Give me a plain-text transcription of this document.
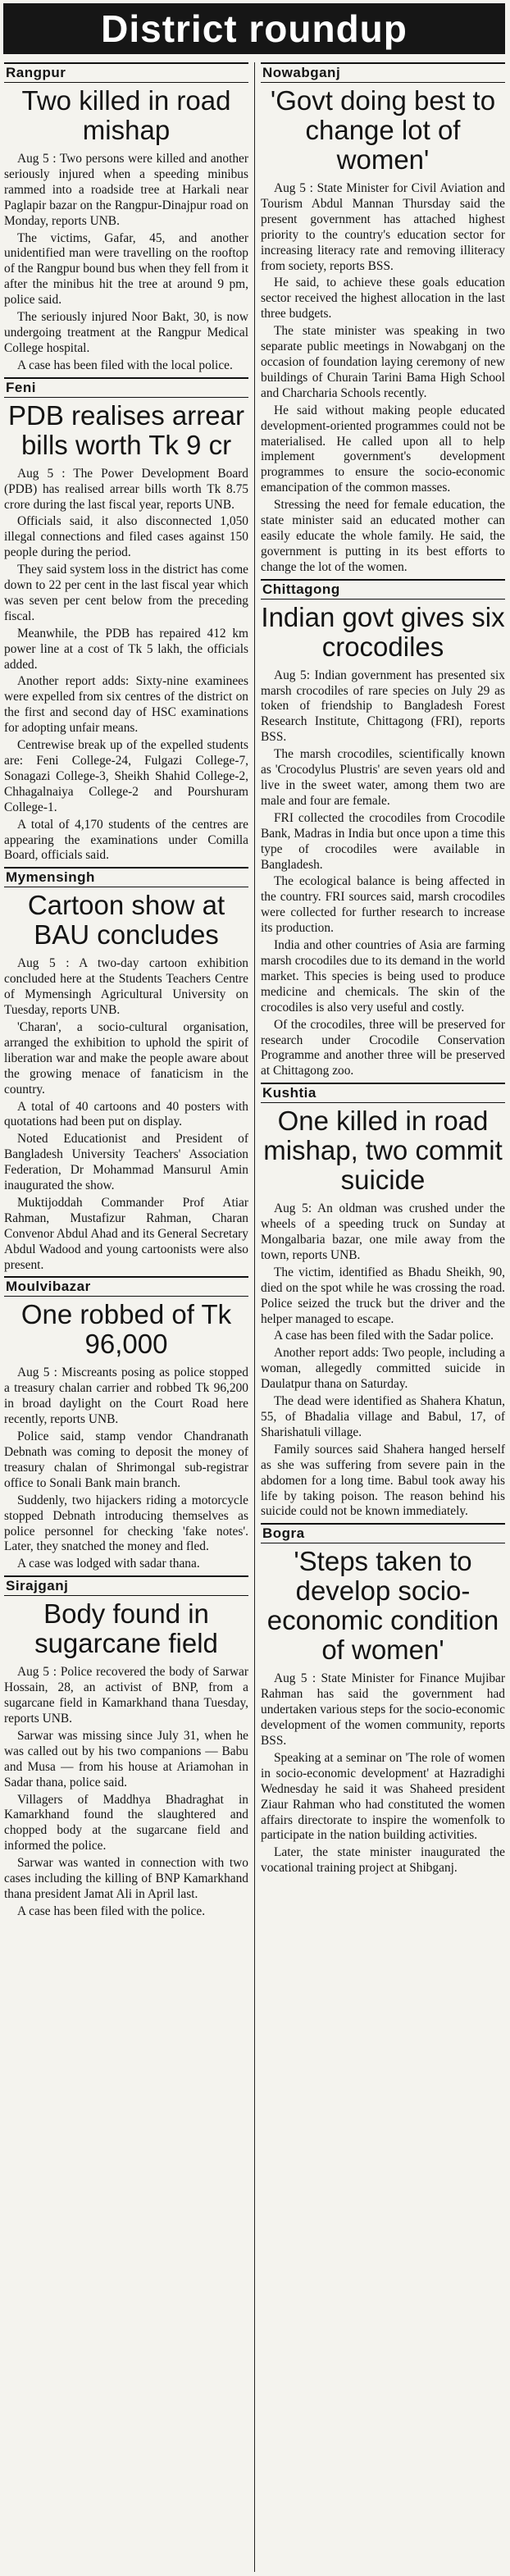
District roundup
Rangpur
Two killed in road mishap

Aug 5 : Two persons were killed and another seriously injured when a speeding minibus rammed into a roadside tree at Harkali near Paglapir bazar on the Rangpur-Dinajpur road on Monday, reports UNB.

The victims, Gafar, 45, and another unidentified man were travelling on the rooftop of the Rangpur bound bus when they fell from it after the minibus hit the tree at around 9 pm, police said.

The seriously injured Noor Bakt, 30, is now undergoing treatment at the Rangpur Medical College hospital.

A case has been filed with the local police.

Feni
PDB realises arrear bills worth Tk 9 cr

Aug 5 : The Power Development Board (PDB) has realised arrear bills worth Tk 8.75 crore during the last fiscal year, reports UNB.

Officials said, it also disconnected 1,050 illegal connections and filed cases against 150 people during the period.

They said system loss in the district has come down to 22 per cent in the last fiscal year which was seven per cent below from the preceding fiscal.

Meanwhile, the PDB has repaired 412 km power line at a cost of Tk 5 lakh, the officials added.

Another report adds: Sixty-nine examinees were expelled from six centres of the district on the first and second day of HSC examinations for adopting unfair means.

Centrewise break up of the expelled students are: Feni College-24, Fulgazi College-7, Sonagazi College-3, Sheikh Shahid College-2, Chhagalnaiya College-2 and Pourshuram College-1.

A total of 4,170 students of the centres are appearing the examinations under Comilla Board, officials said.

Mymensingh
Cartoon show at BAU concludes

Aug 5 : A two-day cartoon exhibition concluded here at the Students Teachers Centre of Mymensingh Agricultural University on Tuesday, reports UNB.

'Charan', a socio-cultural organisation, arranged the exhibition to uphold the spirit of liberation war and make the people aware about the growing menace of fanaticism in the country.

A total of 40 cartoons and 40 posters with quotations had been put on display.

Noted Educationist and President of Bangladesh University Teachers' Association Federation, Dr Mohammad Mansurul Amin inaugurated the show.

Muktijoddah Commander Prof Atiar Rahman, Mustafizur Rahman, Charan Convenor Abdul Ahad and its General Secretary Abdul Wadood and young cartoonists were also present.

Moulvibazar
One robbed of Tk 96,000

Aug 5 : Miscreants posing as police stopped a treasury chalan carrier and robbed Tk 96,200 in broad daylight on the Court Road here recently, reports UNB.

Police said, stamp vendor Chandranath Debnath was coming to deposit the money of treasury chalan of Shrimongal sub-registrar office to Sonali Bank main branch.

Suddenly, two hijackers riding a motorcycle stopped Debnath introducing themselves as police personnel for checking 'fake notes'. Later, they snatched the money and fled.

A case was lodged with sadar thana.

Sirajganj
Body found in sugarcane field

Aug 5 : Police recovered the body of Sarwar Hossain, 28, an activist of BNP, from a sugarcane field in Kamarkhand thana Tuesday, reports UNB.

Sarwar was missing since July 31, when he was called out by his two companions — Babu and Musa — from his house at Ariamohan in Sadar thana, police said.

Villagers of Maddhya Bhadraghat in Kamarkhand found the slaughtered and chopped body at the sugarcane field and informed the police.

Sarwar was wanted in connection with two cases including the killing of BNP Kamarkhand thana president Jamat Ali in April last.

A case has been filed with the police.

Nowabganj
'Govt doing best to change lot of women'

Aug 5 : State Minister for Civil Aviation and Tourism Abdul Mannan Thursday said the present government has attached highest priority to the country's education sector for increasing literacy rate and removing illiteracy from society, reports BSS.

He said, to achieve these goals education sector received the highest allocation in the last three budgets.

The state minister was speaking in two separate public meetings in Nowabganj on the occasion of foundation laying ceremony of new buildings of Churain Tarini Bama High School and Charcharia Schools recently.

He said without making people educated development-oriented programmes could not be materialised. He called upon all to help implement government's development programmes to ensure the socio-economic emancipation of the common masses.

Stressing the need for female education, the state minister said an educated mother can easily educate the whole family. He said, the government is putting in its best efforts to change the lot of the women.

Chittagong
Indian govt gives six crocodiles

Aug 5: Indian government has presented six marsh crocodiles of rare species on July 29 as token of friendship to Bangladesh Forest Research Institute, Chittagong (FRI), reports BSS.

The marsh crocodiles, scientifically known as 'Crocodylus Plustris' are seven years old and live in the sweet water, among them two are male and four are female.

FRI collected the crocodiles from Crocodile Bank, Madras in India but once upon a time this type of crocodiles were available in Bangladesh.

The ecological balance is being affected in the country. FRI sources said, marsh crocodiles were collected for further research to increase its production.

India and other countries of Asia are farming marsh crocodiles due to its demand in the world market. This species is being used to produce medicine and chemicals. The skin of the crocodiles is also very useful and costly.

Of the crocodiles, three will be preserved for research under Crocodile Conservation Programme and another three will be preserved at Chittagong zoo.

Kushtia
One killed in road mishap, two commit suicide

Aug 5: An oldman was crushed under the wheels of a speeding truck on Sunday at Mongalbaria bazar, one mile away from the town, reports UNB.

The victim, identified as Bhadu Sheikh, 90, died on the spot while he was crossing the road. Police seized the truck but the driver and the helper managed to escape.

A case has been filed with the Sadar police.

Another report adds: Two people, including a woman, allegedly committed suicide in Daulatpur thana on Saturday.

The dead were identified as Shahera Khatun, 55, of Bhadalia village and Babul, 17, of Sharishatuli village.

Family sources said Shahera hanged herself as she was suffering from severe pain in the abdomen for a long time. Babul took away his life by taking poison. The reason behind his suicide could not be known immediately.

Bogra
'Steps taken to develop socio-economic condition of women'

Aug 5 : State Minister for Finance Mujibar Rahman has said the government had undertaken various steps for the socio-economic development of the women community, reports BSS.

Speaking at a seminar on 'The role of women in socio-economic development' at Hazradighi Wednesday he said it was Shaheed president Ziaur Rahman who had constituted the women affairs directorate to inspire the womenfolk to participate in the nation building activities.

Later, the state minister inaugurated the vocational training project at Shibganj.
